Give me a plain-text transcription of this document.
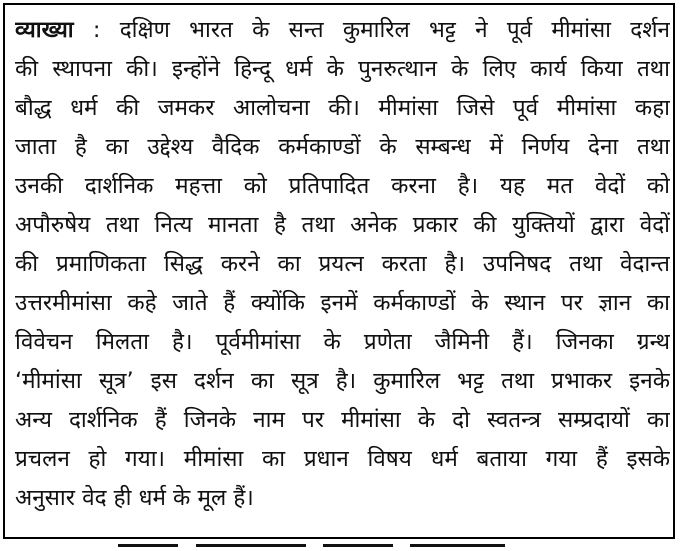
व्याख्या : दक्षिण भारत के सन्त कुमारिल भट्ट ने पूर्व मीमांसा दर्शन
की स्थापना की। इन्होंने हिन्दू धर्म के पुनरुत्थान के लिए कार्य किया तथा
बौद्ध धर्म की जमकर आलोचना की। मीमांसा जिसे पूर्व मीमांसा कहा
जाता है का उद्देश्य वैदिक कर्मकाण्डों के सम्बन्ध में निर्णय देना तथा
उनकी दार्शनिक महत्ता को प्रतिपादित करना है। यह मत वेदों को
अपौरुषेय तथा नित्य मानता है तथा अनेक प्रकार की युक्तियों द्वारा वेदों
की प्रमाणिकता सिद्ध करने का प्रयत्न करता है। उपनिषद तथा वेदान्त
उत्तरमीमांसा कहे जाते हैं क्योंकि इनमें कर्मकाण्डों के स्थान पर ज्ञान का
विवेचन मिलता है। पूर्वमीमांसा के प्रणेता जैमिनी हैं। जिनका ग्रन्थ
‘मीमांसा सूत्र’ इस दर्शन का सूत्र है। कुमारिल भट्ट तथा प्रभाकर इनके
अन्य दार्शनिक हैं जिनके नाम पर मीमांसा के दो स्वतन्त्र सम्प्रदायों का
प्रचलन हो गया। मीमांसा का प्रधान विषय धर्म बताया गया हैं इसके
अनुसार वेद ही धर्म के मूल हैं।
